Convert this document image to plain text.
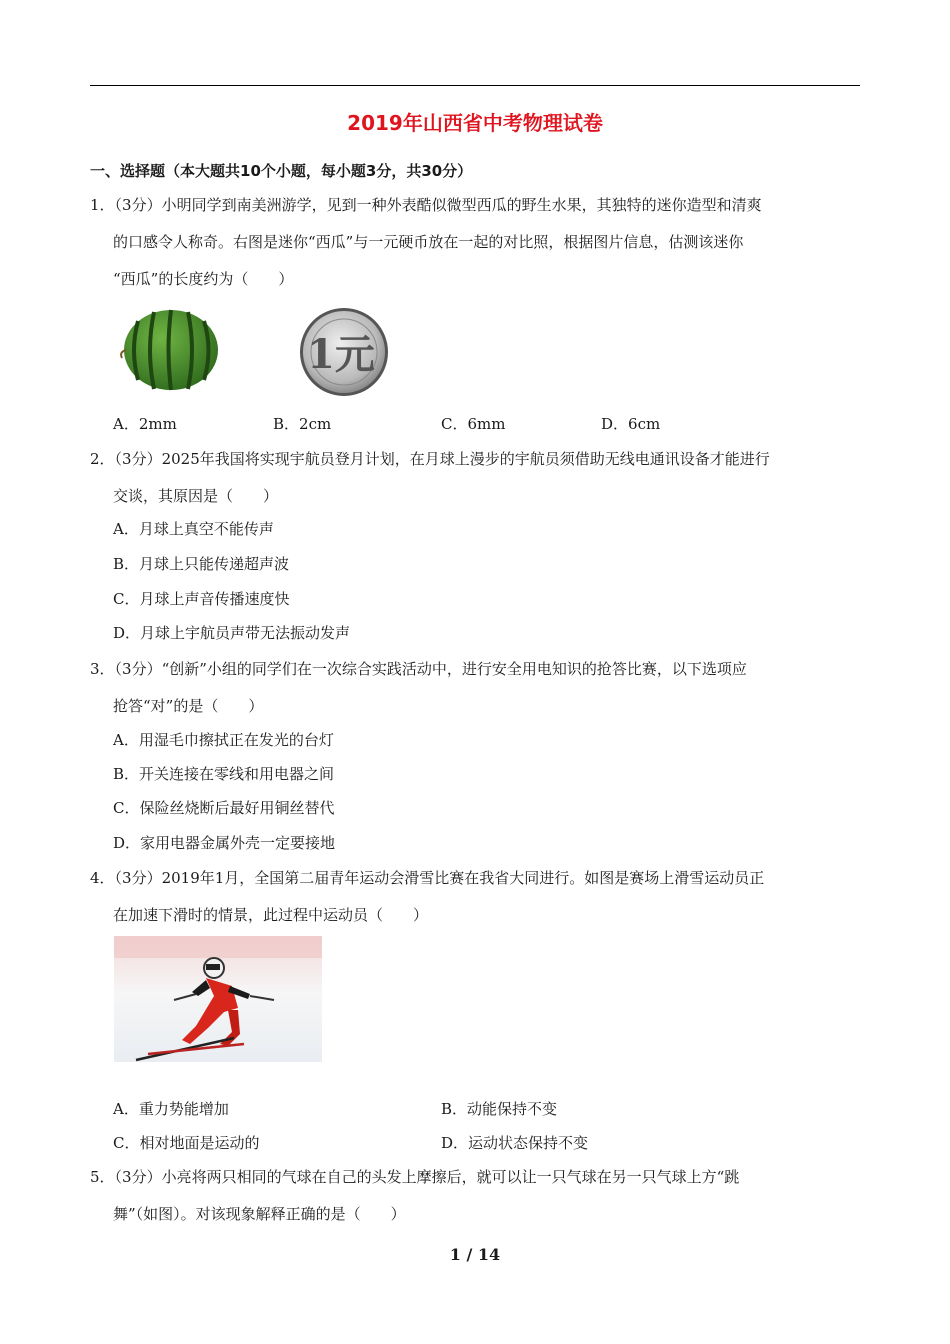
2019年山西省中考物理试卷
一、选择题（本大题共10个小题，每小题3分，共30分）
1．（3分）小明同学到南美洲游学，见到一种外表酷似微型西瓜的野生水果，其独特的迷你造型和清爽
的口感令人称奇。右图是迷你“西瓜”与一元硬币放在一起的对比照，根据图片信息，估测该迷你
“西瓜”的长度约为（　　）
1元
A．2mm	B．2cm	C．6mm	D．6cm
2．（3分）2025年我国将实现宇航员登月计划，在月球上漫步的宇航员须借助无线电通讯设备才能进行
交谈，其原因是（　　）
A．月球上真空不能传声
B．月球上只能传递超声波
C．月球上声音传播速度快
D．月球上宇航员声带无法振动发声
3．（3分）“创新”小组的同学们在一次综合实践活动中，进行安全用电知识的抢答比赛，以下选项应
抢答“对”的是（　　）
A．用湿毛巾擦拭正在发光的台灯
B．开关连接在零线和用电器之间
C．保险丝烧断后最好用铜丝替代
D．家用电器金属外壳一定要接地
4．（3分）2019年1月，全国第二届青年运动会滑雪比赛在我省大同进行。如图是赛场上滑雪运动员正
在加速下滑时的情景，此过程中运动员（　　）
A．重力势能增加	B．动能保持不变
C．相对地面是运动的	D．运动状态保持不变
5．（3分）小亮将两只相同的气球在自己的头发上摩擦后，就可以让一只气球在另一只气球上方“跳
舞”（如图）。对该现象解释正确的是（　　）
1 / 14
